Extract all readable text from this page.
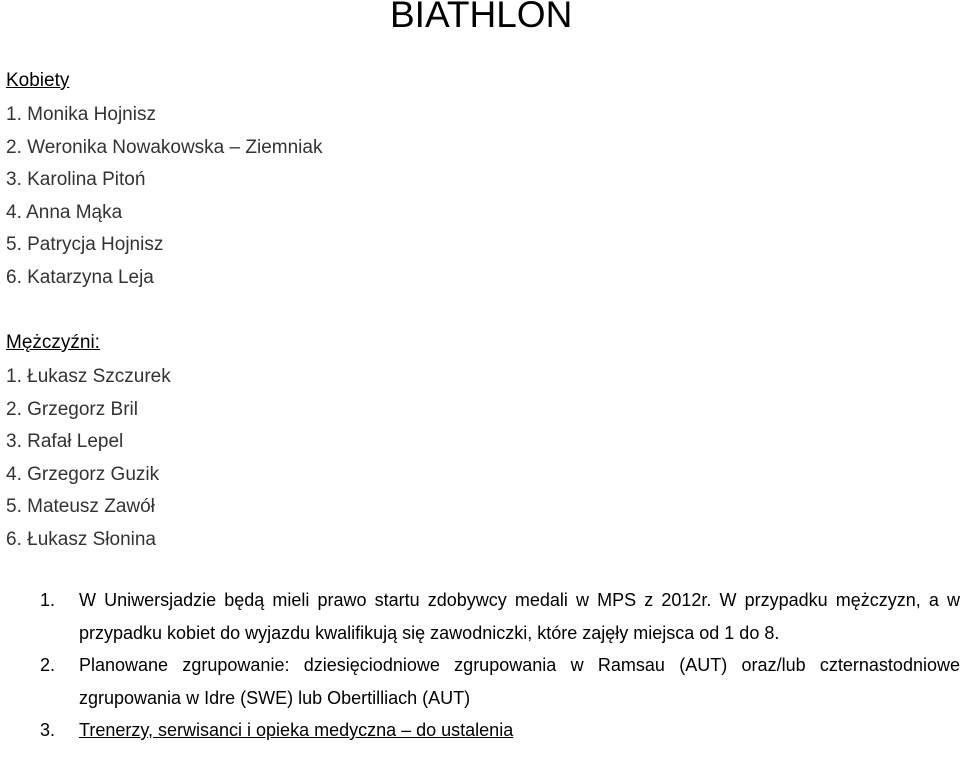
BIATHLON

Kobiety

1. Monika Hojnisz
2. Weronika Nowakowska – Ziemniak
3. Karolina Pitoń
4. Anna Mąka
5. Patrycja Hojnisz
6. Katarzyna Leja

Mężczyźni:

1. Łukasz Szczurek
2. Grzegorz Bril
3. Rafał Lepel
4. Grzegorz Guzik
5. Mateusz Zawół
6. Łukasz Słonina
1. W Uniwersjadzie będą mieli prawo startu zdobywcy medali w MPS z 2012r. W przypadku mężczyzn, a w przypadku kobiet do wyjazdu kwalifikują się zawodniczki, które zajęły miejsca od 1 do 8.
2. Planowane zgrupowanie: dziesięciodniowe zgrupowania w Ramsau (AUT) oraz/lub czternastodniowe zgrupowania w Idre (SWE) lub Obertilliach (AUT)
3. Trenerzy, serwisanci i opieka medyczna – do ustalenia
